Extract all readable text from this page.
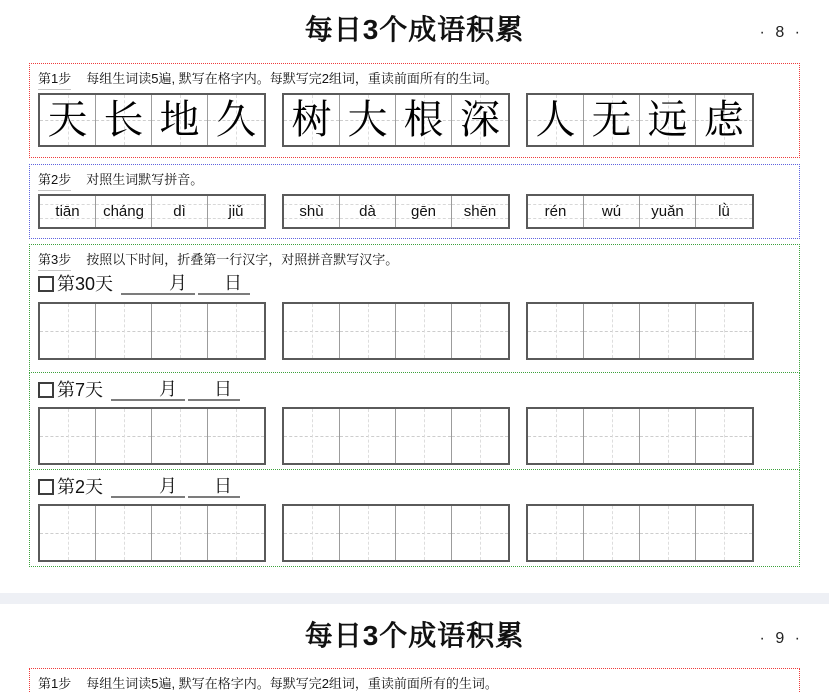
每日3个成语积累	· 8 ·
第1步 每组生词读5遍, 默写在格字内。每默写完2组词，重读前面所有的生词。
天 长 地 久 树 大 根 深 人 无 远 虑
第2步 对照生词默写拼音。
tiān cháng dì	jiǔ	shù dà gēn shēn	rén wú yuǎn lǜ
第3步 按照以下时间，折叠第一行汉字，对照拼音默写汉字。
第30天	月 日
第7天	月 日
第2天	月 日
每日3个成语积累	· 9 ·
第1步 每组生词读5遍, 默写在格字内。每默写完2组词，重读前面所有的生词。
